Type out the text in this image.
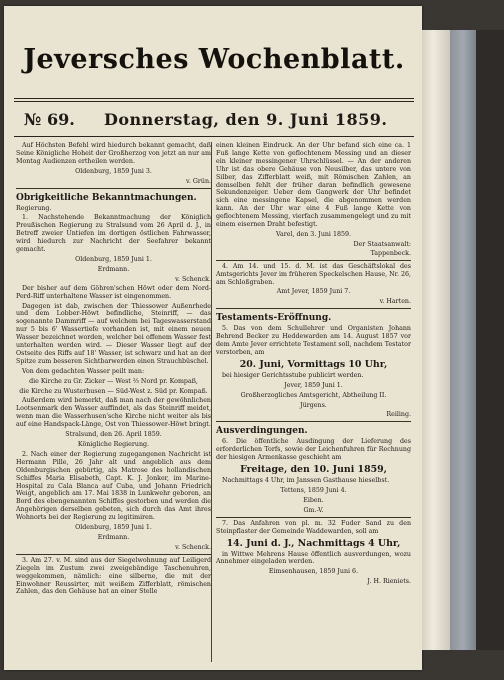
Jeversches Wochenblatt.
№ 69. Donnerstag, den 9. Juni 1859.

Auf Höchsten Befehl wird hiedurch bekannt gemacht, daß Seine Königliche Hoheit der Großherzog von jetzt an nur am Montag Audienzen ertheilen werden.

Oldenburg, 1859 Juni 3.

v. Grün.

Obrigkeitliche Bekanntmachungen.

Regierung.

1. Nachstehende Bekanntmachung der Königlich Preußischen Regierung zu Stralsund vom 26 April d. J., in Betreff zweier Untiefen im dortigen östlichen Fahrwasser, wird hiedurch zur Nachricht der Seefahrer bekannt gemacht.

Oldenburg, 1859 Juni 1.

Erdmann.

v. Schenck.

Der bisher auf dem Göhren'schen Höwt oder dem Nord-Perd-Riff unterhaltene Wasser ist eingenommen.

Dagegen ist dab, zwischen der Thiessower Außenrhede und dem Lobber-Höwt befindliche, Steinriff, — das sogenannte Dammriff — auf welchem bei Tageswasserstand nur 5 bis 6' Wassertiefe vorhanden ist, mit einem neuen Wasser bezeichnet worden, welcher bei offenem Wasser fest unterhalten werden wird. — Dieser Wasser liegt auf der Ostseite des Riffs auf 18' Wasser, ist schwarz und hat an der Spitze zum besseren Sichtbarwerden einen Strauchbüschel.

Von dem gedachten Wasser peilt man:

die Kirche zu Gr. Zicker — West ⅔ Nord pr. Kompaß,

die Kirche zu Wusterhusen — Süd-West z. Süd pr. Kompaß.

Außerdem wird bemerkt, daß man nach der gewöhnlichen Lootsenmark den Wasser auffindet, als das Steinriff meidet, wenn man die Wasserhusen'sche Kirche nicht weiter als bis auf eine Handspack-Länge, Ost von Thiessower-Höwt bringt.

Stralsund, den 26. April 1859.

Königliche Regierung.

2. Nach einer der Regierung zugegangenen Nachricht ist Hermann Pille, 26 Jahr alt und angeblich aus dem Oldenburgischen gebürtig, als Matrose des hollandischen Schiffes Maria Elisabeth, Capt. K. J. Jonker, im Marine-Hospital zu Cala Blanca auf Cuba, und Johann Friedrich Weigt, angeblich am 17. Mai 1838 in Lunkwehr geboren, an Bord des ebengenannten Schiffes gestorben und werden die Angehörigen derselben gebeten, sich durch das Amt ihres Wohnorts bei der Regierung zu legitimiren.

Oldenburg, 1859 Juni 1.

Erdmann.

v. Schenck.

3. Am 27. v. M. sind aus der Siegelwohnung auf Leiligerd Ziegeln im Zustum zwei zweigebändige Taschenuhren, weggekommen, nämlich: eine silberne, die mit der Einwohner Reussirter, mit weißem Zifferblatt, römischen Zahlen, das den Gehäuse hat an einer Stelle

einen kleinen Eindruck. An der Uhr befand sich eine ca. 1 Fuß lange Kette von geflochtenem Messing und an dieser ein kleiner messingener Uhrschlüssel. — An der anderen Uhr ist das obere Gehäuse von Neusilber, das untere von Silber, das Zifferblatt weiß, mit Römischen Zahlen, an demselben fehlt der früher daran befindlich gewesene Sekundenzeiger. Ueber dem Gangwerk der Uhr befindet sich eine messingene Kapsel, die abgenommen werden kann. An der Uhr war eine 4 Fuß lange Kette von geflochtenem Messing, vierfach zusammengelegt und zu mit einem eisernen Draht befestigt.

Varel, den 3. Juni 1859.

Der Staatsanwalt:

Tappenbeck.

4. Am 14. und 15. d. M. ist das Geschäftslokal des Amtsgerichts Jever im früheren Speckelschen Hause, Nr. 26, am Schloßgraben.

Amt Jever, 1859 Juni 7.

v. Harten.

Testaments-Eröffnung.

5. Das von dem Schullehrer und Organisten Johann Behrend Becker zu Heddewarden am 14. August 1857 vor dem Amte Jever errichtete Testament soll, nachdem Testator verstorben, am

20. Juni, Vormittags 10 Uhr,

bei hiesiger Gerichtsstube publicirt werden.

Jever, 1859 Juni 1.

Großherzogliches Amtsgericht, Abtheilung II.

Jürgens.

Reiling.

Ausverdingungen.

6. Die öffentliche Ausdingung der Lieferung des erforderlichen Torfs, sowie der Leichenfuhren für Rechnung der hiesigen Armenkasse geschieht am

Freitage, den 10. Juni 1859,

Nachmittags 4 Uhr, im Janssen Gasthause hieselbst.

Tettens, 1859 Juni 4.

Eiben.

Gm.-V.

7. Das Anfahren von pl. m. 32 Fuder Sand zu den Steinpflaster der Gemeinde Waddewarden, soll am

14. Juni d. J., Nachmittags 4 Uhr,

in Wittwe Mehrens Hause öffentlich ausverdungen, wozu Annehmer eingeladen werden.

Eimsenhausen, 1859 Juni 6.

J. H. Rieniets.
